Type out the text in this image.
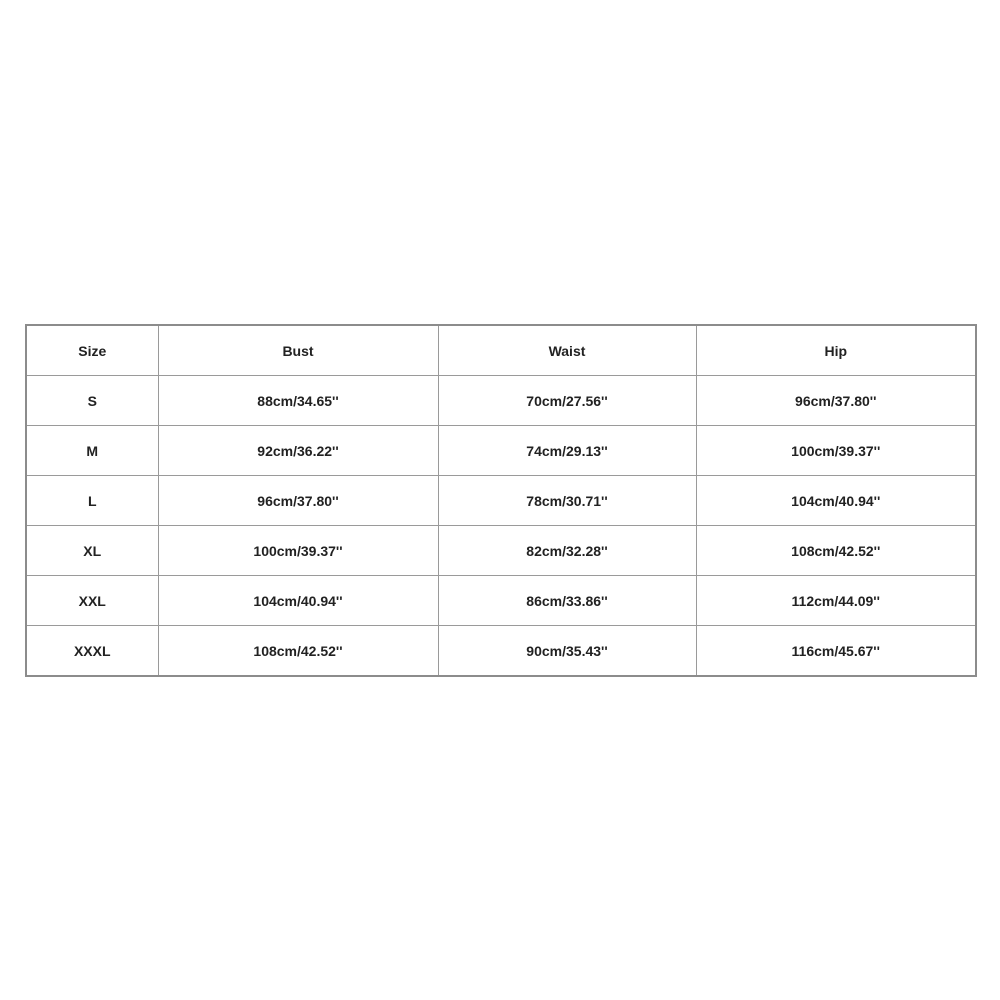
Size	Bust	Waist	Hip
S	88cm/34.65''	70cm/27.56''	96cm/37.80''
M	92cm/36.22''	74cm/29.13''	100cm/39.37''
L	96cm/37.80''	78cm/30.71''	104cm/40.94''
XL	100cm/39.37''	82cm/32.28''	108cm/42.52''
XXL	104cm/40.94''	86cm/33.86''	112cm/44.09''
XXXL	108cm/42.52''	90cm/35.43''	116cm/45.67''
